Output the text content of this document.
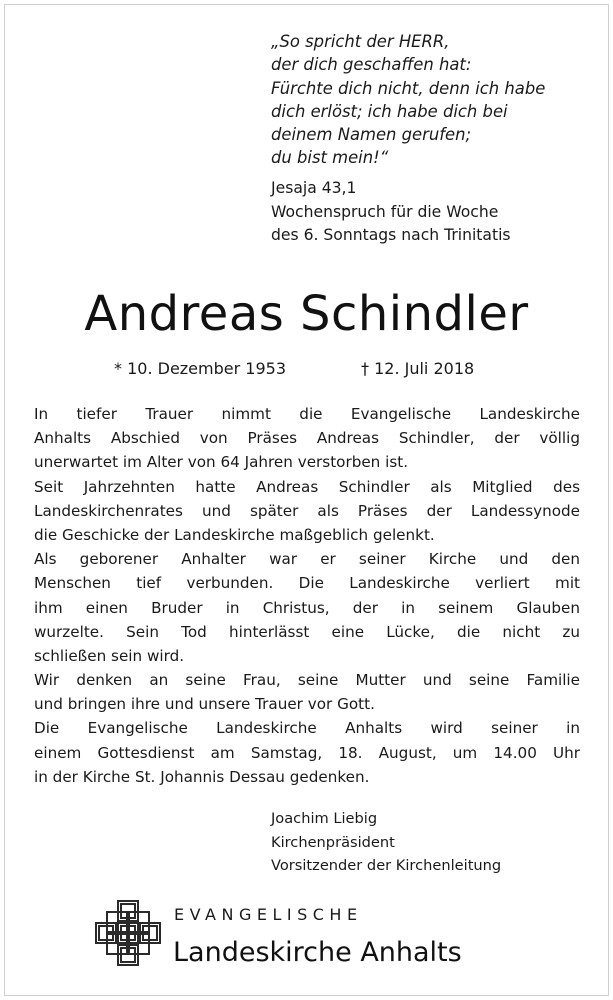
„So spricht der HERR,
der dich geschaffen hat:
Fürchte dich nicht, denn ich habe
dich erlöst; ich habe dich bei
deinem Namen gerufen;
du bist mein!“
Jesaja 43,1
Wochenspruch für die Woche
des 6. Sonntags nach Trinitatis
Andreas Schindler
* 10. Dezember 1953	† 12. Juli 2018
In tiefer Trauer nimmt die Evangelische Landeskirche
Anhalts Abschied von Präses Andreas Schindler, der völlig
unerwartet im Alter von 64 Jahren verstorben ist.
Seit Jahrzehnten hatte Andreas Schindler als Mitglied des
Landeskirchenrates und später als Präses der Landessynode
die Geschicke der Landeskirche maßgeblich gelenkt.
Als geborener Anhalter war er seiner Kirche und den
Menschen tief verbunden. Die Landeskirche verliert mit
ihm einen Bruder in Christus, der in seinem Glauben
wurzelte. Sein Tod hinterlässt eine Lücke, die nicht zu
schließen sein wird.
Wir denken an seine Frau, seine Mutter und seine Familie
und bringen ihre und unsere Trauer vor Gott.
Die Evangelische Landeskirche Anhalts wird seiner in
einem Gottesdienst am Samstag, 18. August, um 14.00 Uhr
in der Kirche St. Johannis Dessau gedenken.
Joachim Liebig
Kirchenpräsident
Vorsitzender der Kirchenleitung
EVANGELISCHE
Landeskirche Anhalts
